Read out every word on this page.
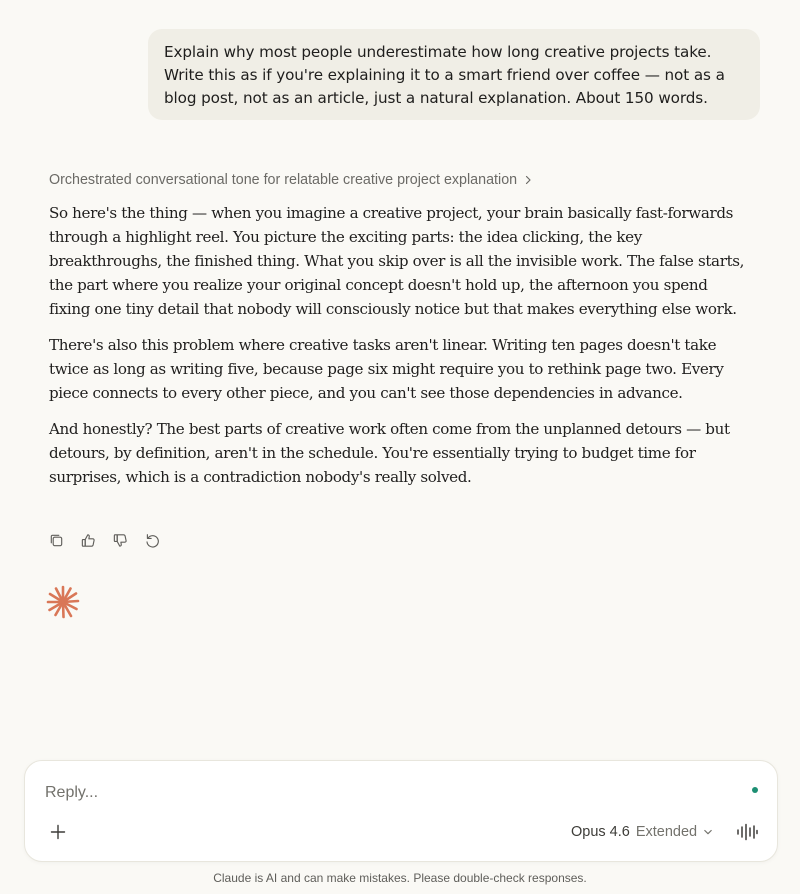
Explain why most people underestimate how long creative projects take. Write this as if you're explaining it to a smart friend over coffee — not as a blog post, not as an article, just a natural explanation. About 150 words.
Orchestrated conversational tone for relatable creative project explanation

So here's the thing — when you imagine a creative project, your brain basically fast-forwards through a highlight reel. You picture the exciting parts: the idea clicking, the key breakthroughs, the finished thing. What you skip over is all the invisible work. The false starts, the part where you realize your original concept doesn't hold up, the afternoon you spend fixing one tiny detail that nobody will consciously notice but that makes everything else work.

There's also this problem where creative tasks aren't linear. Writing ten pages doesn't take twice as long as writing five, because page six might require you to rethink page two. Every piece connects to every other piece, and you can't see those dependencies in advance.

And honestly? The best parts of creative work often come from the unplanned detours — but detours, by definition, aren't in the schedule. You're essentially trying to budget time for surprises, which is a contradiction nobody's really solved.

Reply...
Opus 4.6 Extended
Claude is AI and can make mistakes. Please double-check responses.
